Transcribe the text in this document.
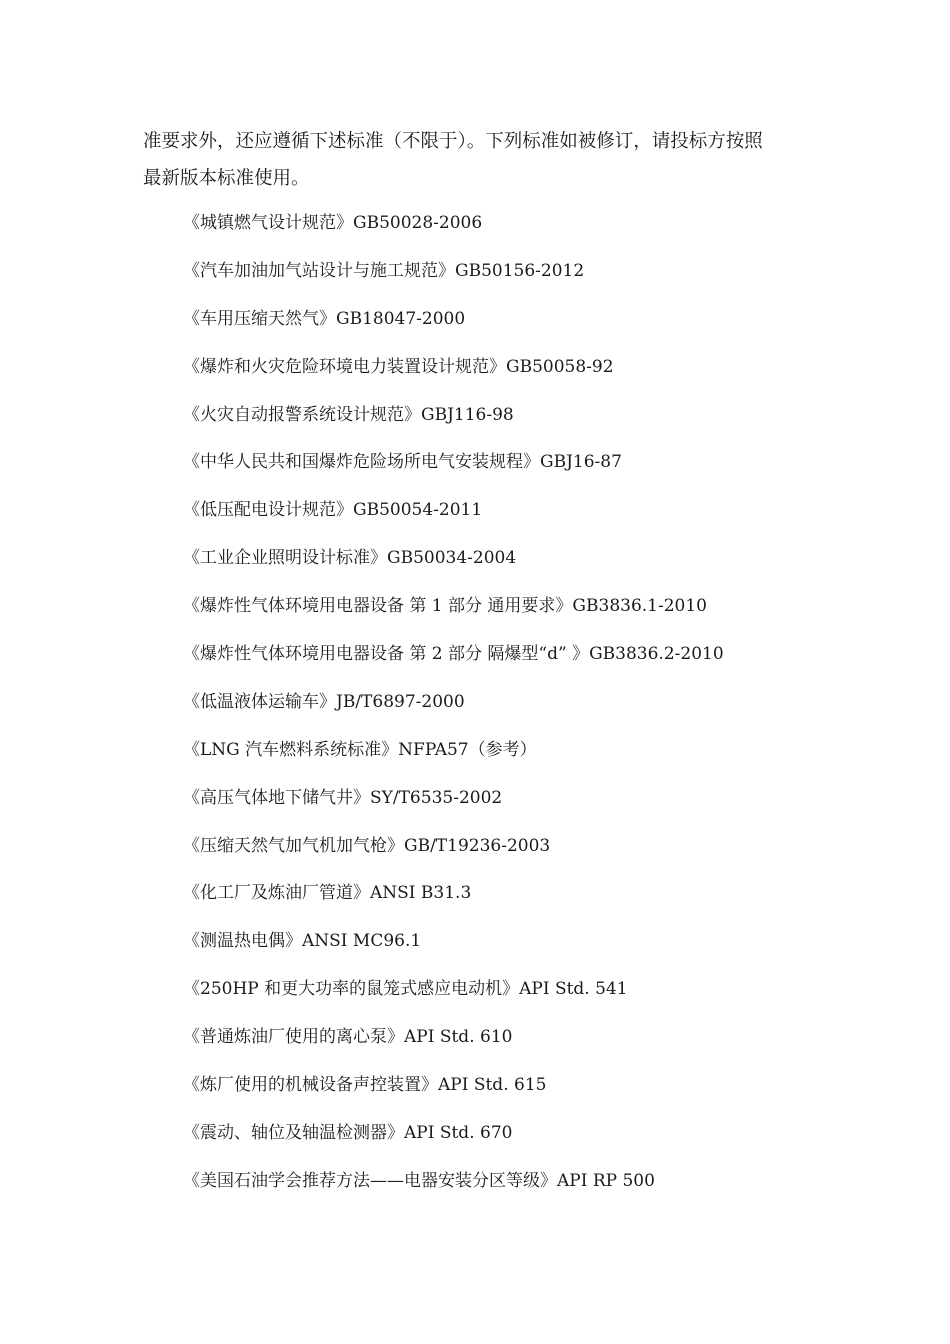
准要求外，还应遵循下述标准（不限于）。下列标准如被修订，请投标方按照
最新版本标准使用。

《城镇燃气设计规范》GB50028-2006
《汽车加油加气站设计与施工规范》GB50156-2012
《车用压缩天然气》GB18047-2000
《爆炸和火灾危险环境电力装置设计规范》GB50058-92
《火灾自动报警系统设计规范》GBJ116-98
《中华人民共和国爆炸危险场所电气安装规程》GBJ16-87
《低压配电设计规范》GB50054-2011
《工业企业照明设计标准》GB50034-2004
《爆炸性气体环境用电器设备 第 1 部分 通用要求》GB3836.1-2010
《爆炸性气体环境用电器设备 第 2 部分 隔爆型“d” 》GB3836.2-2010
《低温液体运输车》JB/T6897-2000
《LNG 汽车燃料系统标准》NFPA57（参考）
《高压气体地下储气井》SY/T6535-2002
《压缩天然气加气机加气枪》GB/T19236-2003
《化工厂及炼油厂管道》ANSI B31.3
《测温热电偶》ANSI MC96.1
《250HP 和更大功率的鼠笼式感应电动机》API Std. 541
《普通炼油厂使用的离心泵》API Std. 610
《炼厂使用的机械设备声控装置》API Std. 615
《震动、轴位及轴温检测器》API Std. 670
《美国石油学会推荐方法——电器安装分区等级》API RP 500
